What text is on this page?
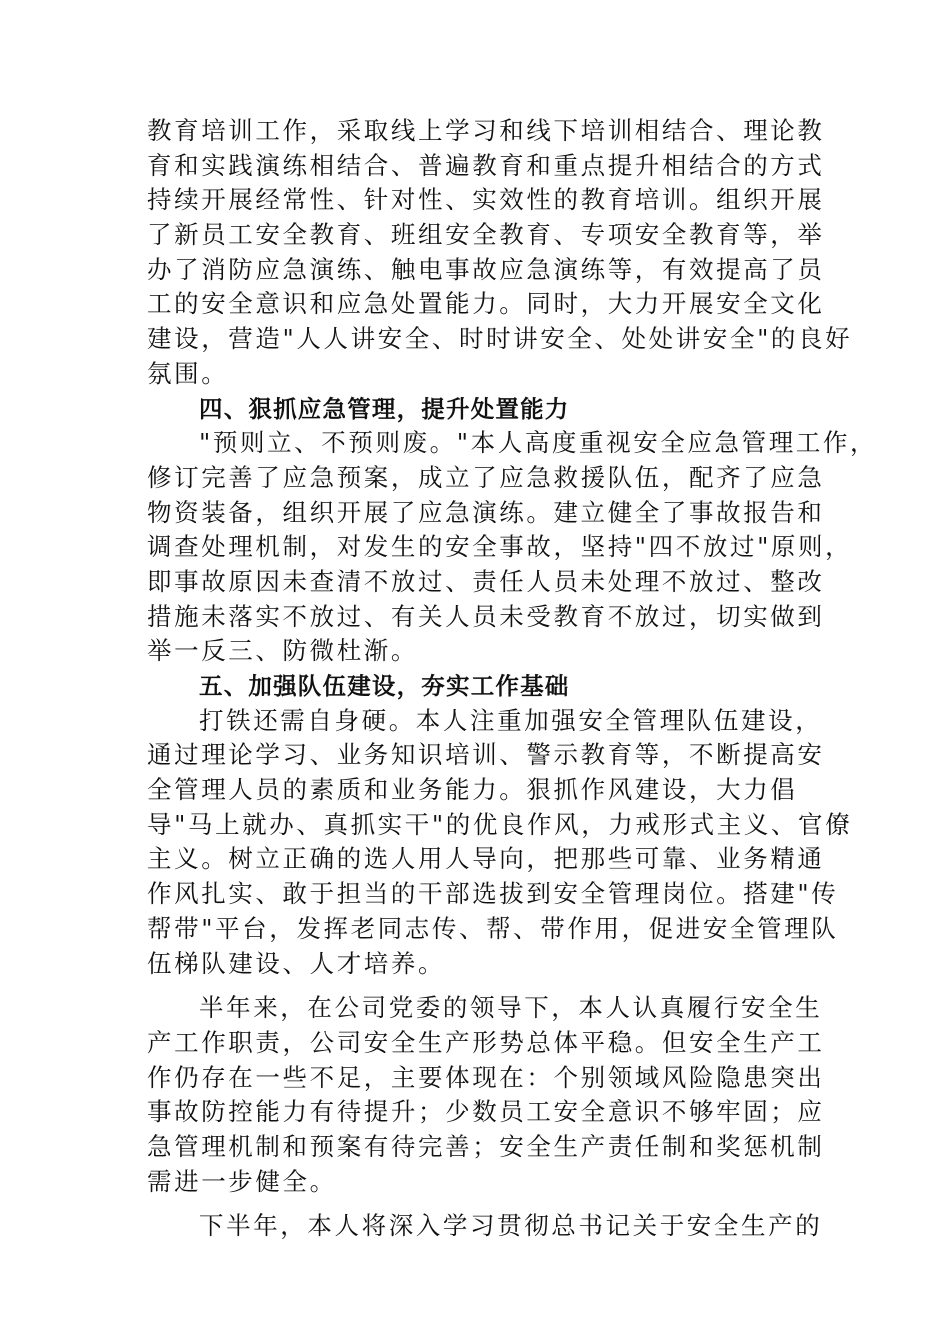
教育培训工作，采取线上学习和线下培训相结合、理论教
育和实践演练相结合、普遍教育和重点提升相结合的方式
持续开展经常性、针对性、实效性的教育培训。组织开展
了新员工安全教育、班组安全教育、专项安全教育等，举
办了消防应急演练、触电事故应急演练等，有效提高了员
工的安全意识和应急处置能力。同时，大力开展安全文化
建设，营造"人人讲安全、时时讲安全、处处讲安全"的良好
氛围。
四、狠抓应急管理，提升处置能力
"预则立、不预则废。"本人高度重视安全应急管理工作，
修订完善了应急预案，成立了应急救援队伍，配齐了应急
物资装备，组织开展了应急演练。建立健全了事故报告和
调查处理机制，对发生的安全事故，坚持"四不放过"原则，
即事故原因未查清不放过、责任人员未处理不放过、整改
措施未落实不放过、有关人员未受教育不放过，切实做到
举一反三、防微杜渐。
五、加强队伍建设，夯实工作基础
打铁还需自身硬。本人注重加强安全管理队伍建设，
通过理论学习、业务知识培训、警示教育等，不断提高安
全管理人员的素质和业务能力。狠抓作风建设，大力倡
导"马上就办、真抓实干"的优良作风，力戒形式主义、官僚
主义。树立正确的选人用人导向，把那些可靠、业务精通
作风扎实、敢于担当的干部选拔到安全管理岗位。搭建"传
帮带"平台，发挥老同志传、帮、带作用，促进安全管理队
伍梯队建设、人才培养。
半年来，在公司党委的领导下，本人认真履行安全生
产工作职责，公司安全生产形势总体平稳。但安全生产工
作仍存在一些不足，主要体现在：个别领域风险隐患突出
事故防控能力有待提升；少数员工安全意识不够牢固；应
急管理机制和预案有待完善；安全生产责任制和奖惩机制
需进一步健全。
下半年，本人将深入学习贯彻总书记关于安全生产的
